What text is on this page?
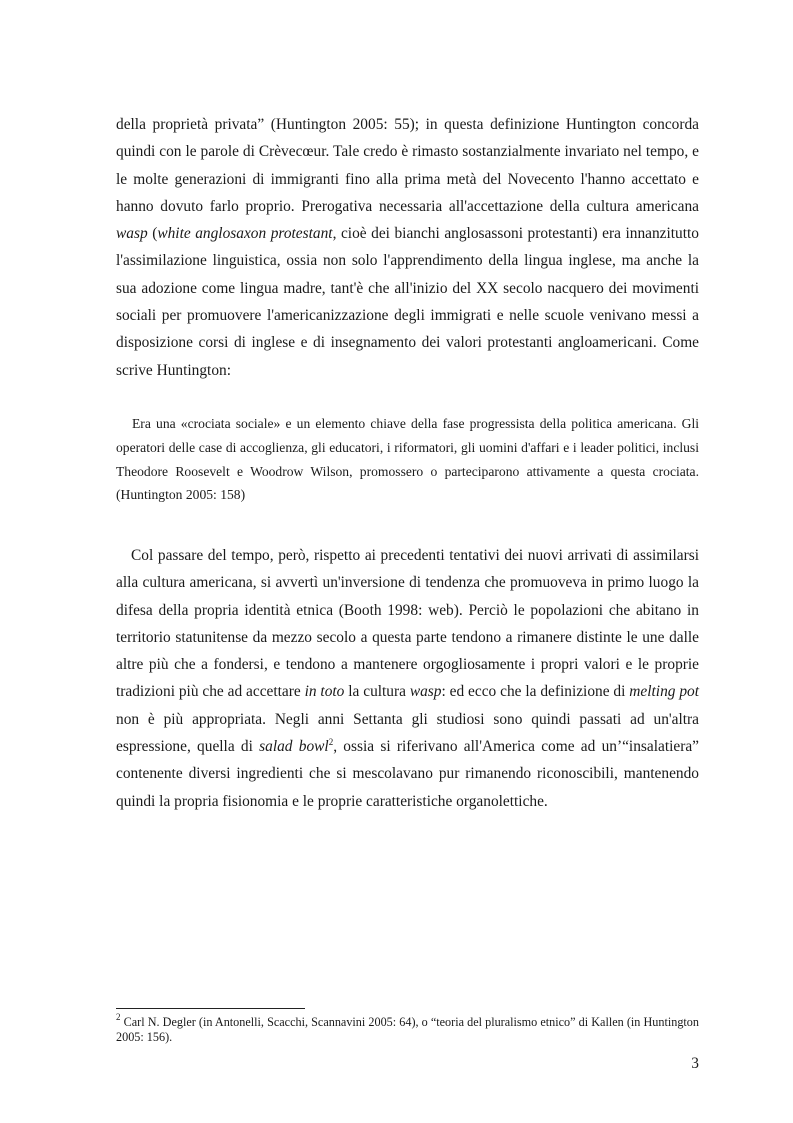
della proprietà privata” (Huntington 2005: 55); in questa definizione Huntington concorda quindi con le parole di Crèvecœur. Tale credo è rimasto sostanzialmente invariato nel tempo, e le molte generazioni di immigranti fino alla prima metà del Novecento l'hanno accettato e hanno dovuto farlo proprio. Prerogativa necessaria all'accettazione della cultura americana wasp (white anglosaxon protestant, cioè dei bianchi anglosassoni protestanti) era innanzitutto l'assimilazione linguistica, ossia non solo l'apprendimento della lingua inglese, ma anche la sua adozione come lingua madre, tant'è che all'inizio del XX secolo nacquero dei movimenti sociali per promuovere l'americanizzazione degli immigrati e nelle scuole venivano messi a disposizione corsi di inglese e di insegnamento dei valori protestanti angloamericani. Come scrive Huntington:

Era una «crociata sociale» e un elemento chiave della fase progressista della politica americana. Gli operatori delle case di accoglienza, gli educatori, i riformatori, gli uomini d'affari e i leader politici, inclusi Theodore Roosevelt e Woodrow Wilson, promossero o parteciparono attivamente a questa crociata. (Huntington 2005: 158)

Col passare del tempo, però, rispetto ai precedenti tentativi dei nuovi arrivati di assimilarsi alla cultura americana, si avvertì un'inversione di tendenza che promuoveva in primo luogo la difesa della propria identità etnica (Booth 1998: web). Perciò le popolazioni che abitano in territorio statunitense da mezzo secolo a questa parte tendono a rimanere distinte le une dalle altre più che a fondersi, e tendono a mantenere orgogliosamente i propri valori e le proprie tradizioni più che ad accettare in toto la cultura wasp: ed ecco che la definizione di melting pot non è più appropriata. Negli anni Settanta gli studiosi sono quindi passati ad un'altra espressione, quella di salad bowl$^2$, ossia si riferivano all'America come ad un’“insalatiera” contenente diversi ingredienti che si mescolavano pur rimanendo riconoscibili, mantenendo quindi la propria fisionomia e le proprie caratteristiche organolettiche.

$^2$ Carl N. Degler (in Antonelli, Scacchi, Scannavini 2005: 64), o “teoria del pluralismo etnico” di Kallen (in Huntington 2005: 156).

3
